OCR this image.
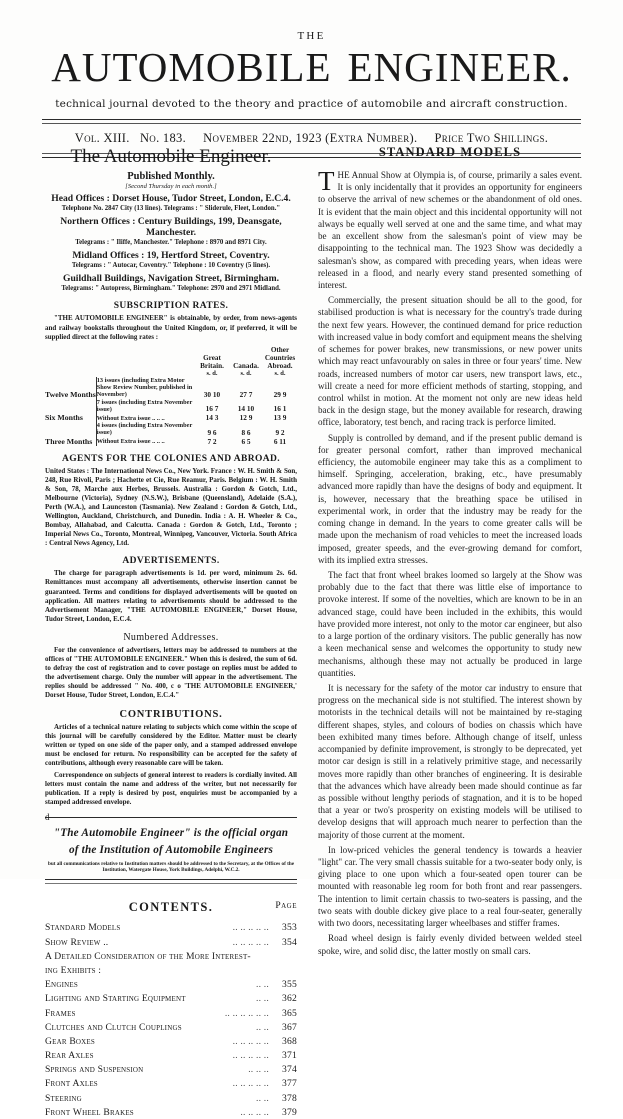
THE
AUTOMOBILE ENGINEER.
technical journal devoted to the theory and practice of automobile and aircraft construction.
Vol. XIII. No. 183. November 22nd, 1923 (Extra Number). Price Two Shillings.
The Automobile Engineer.
Published Monthly.
[Second Thursday in each month.]
Head Offices : Dorset House, Tudor Street, London, E.C.4.
Telephone No. 2847 City (13 lines). Telegrams : " Sliderule, Fleet, London."
Northern Offices : Century Buildings, 199, Deansgate, Manchester.
Telegrams : " Iliffe, Manchester." Telephone : 8970 and 8971 City.
Midland Offices : 19, Hertford Street, Coventry.
Telegrams : " Autocar, Coventry." Telephone : 10 Coventry (5 lines).
Guildhall Buildings, Navigation Street, Birmingham.
Telegrams: " Autopress, Birmingham." Telephone: 2970 and 2971 Midland.
SUBSCRIPTION RATES.
"THE AUTOMOBILE ENGINEER" is obtainable, by order, from news-agents and railway bookstalls throughout the United Kingdom, or, if preferred, it will be supplied direct at the following rates :
		Great Britain.	Canada.	Other Countries Abroad.
		s. d.	s. d.	s. d.
Twelve Months	13 issues (including Extra Motor Show Review Number, published in November)	30 10	27 7	29 9
Six Months	7 issues (including Extra November issue)	16 7	14 10	16 1
	Without Extra issue .. .. ..	14 3	12 9	13 9
Three Months	4 issues (including Extra November issue)	9 6	8 6	9 2
	Without Extra issue .. .. ..	7 2	6 5	6 11
AGENTS FOR THE COLONIES AND ABROAD.
United States : The International News Co., New York. France : W. H. Smith & Son, 248, Rue Rivoli, Paris ; Hachette et Cie, Rue Reamur, Paris. Belgium : W. H. Smith & Son, 78, Marche aux Herbes, Brussels. Australia : Gordon & Gotch, Ltd., Melbourne (Victoria), Sydney (N.S.W.), Brisbane (Queensland), Adelaide (S.A.), Perth (W.A.), and Launceston (Tasmania). New Zealand : Gordon & Gotch, Ltd., Wellington, Auckland, Christchurch, and Dunedin. India : A. H. Wheeler & Co., Bombay, Allahabad, and Calcutta. Canada : Gordon & Gotch, Ltd., Toronto ; Imperial News Co., Toronto, Montreal, Winnipeg, Vancouver, Victoria. South Africa : Central News Agency, Ltd.
ADVERTISEMENTS.
The charge for paragraph advertisements is 1d. per word, minimum 2s. 6d. Remittances must accompany all advertisements, otherwise insertion cannot be guaranteed. Terms and conditions for displayed advertisements will be quoted on application. All matters relating to advertisements should be addressed to the Advertisement Manager, "THE AUTOMOBILE ENGINEER," Dorset House, Tudor Street, London, E.C.4.
Numbered Addresses.
For the convenience of advertisers, letters may be addressed to numbers at the offices of "THE AUTOMOBILE ENGINEER." When this is desired, the sum of 6d. to defray the cost of registration and to cover postage on replies must be added to the advertisement charge. Only the number will appear in the advertisement. The replies should be addressed " No. 400, c o 'THE AUTOMOBILE ENGINEER,' Dorset House, Tudor Street, London, E.C.4."
CONTRIBUTIONS.
Articles of a technical nature relating to subjects which come within the scope of this journal will be carefully considered by the Editor. Matter must be clearly written or typed on one side of the paper only, and a stamped addressed envelope must be enclosed for return. No responsibility can be accepted for the safety of contributions, although every reasonable care will be taken.
Correspondence on subjects of general interest to readers is cordially invited. All letters must contain the name and address of the writer, but not necessarily for publication. If a reply is desired by post, enquiries must be accompanied by a stamped addressed envelope.
"The Automobile Engineer" is the official organ
of the Institution of Automobile Engineers
but all communications relative to Institution matters should be addressed to the Secretary, at the Offices of the Institution, Watergate House, York Buildings, Adelphi, W.C.2.
CONTENTS.	Page
Standard Models	.. .. .. .. ..	353
Show Review ..	.. .. .. .. ..	354
A Detailed Consideration of the More Interest-		
ing Exhibits :		
Engines	.. ..	355
Lighting and Starting Equipment	.. ..	362
Frames	.. .. .. .. .. ..	365
Clutches and Clutch Couplings	.. ..	367
Gear Boxes	.. .. .. .. ..	368
Rear Axles	.. .. .. .. ..	371
Springs and Suspension	.. .. ..	374
Front Axles	.. .. .. .. ..	377
Steering	.. ..	378
Front Wheel Brakes	.. .. .. ..	379
STANDARD MODELS
THE Annual Show at Olympia is, of course, primarily a sales event. It is only incidentally that it provides an opportunity for engineers to observe the arrival of new schemes or the abandonment of old ones. It is evident that the main object and this incidental opportunity will not always be equally well served at one and the same time, and what may be an excellent show from the salesman's point of view may be disappointing to the technical man. The 1923 Show was decidedly a salesman's show, as compared with preceding years, when ideas were released in a flood, and nearly every stand presented something of interest.
Commercially, the present situation should be all to the good, for stabilised production is what is necessary for the country's trade during the next few years. However, the continued demand for price reduction with increased value in body comfort and equipment means the shelving of schemes for power brakes, new transmissions, or new power units which may react unfavourably on sales in three or four years' time. New roads, increased numbers of motor car users, new transport laws, etc., will create a need for more efficient methods of starting, stopping, and control whilst in motion. At the moment not only are new ideas held back in the design stage, but the money available for research, drawing office, laboratory, test bench, and racing track is perforce limited.
Supply is controlled by demand, and if the present public demand is for greater personal comfort, rather than improved mechanical efficiency, the automobile engineer may take this as a compliment to himself. Springing, acceleration, braking, etc., have presumably advanced more rapidly than have the designs of body and equipment. It is, however, necessary that the breathing space be utilised in experimental work, in order that the industry may be ready for the coming change in demand. In the years to come greater calls will be made upon the mechanism of road vehicles to meet the increased loads imposed, greater speeds, and the ever-growing demand for comfort, with its implied extra stresses.
The fact that front wheel brakes loomed so largely at the Show was probably due to the fact that there was little else of importance to provoke interest. If some of the novelties, which are known to be in an advanced stage, could have been included in the exhibits, this would have provided more interest, not only to the motor car engineer, but also to a large portion of the ordinary visitors. The public generally has now a keen mechanical sense and welcomes the opportunity to study new mechanisms, although these may not actually be produced in large quantities.
It is necessary for the safety of the motor car industry to ensure that progress on the mechanical side is not stultified. The interest shown by motorists in the technical details will not be maintained by re-staging different shapes, styles, and colours of bodies on chassis which have been exhibited many times before. Although change of itself, unless accompanied by definite improvement, is strongly to be deprecated, yet motor car design is still in a relatively primitive stage, and necessarily moves more rapidly than other branches of engineering. It is desirable that the advances which have already been made should continue as far as possible without lengthy periods of stagnation, and it is to be hoped that a year or two's prosperity on existing models will be utilised to develop designs that will approach much nearer to perfection than the majority of those current at the moment.
In low-priced vehicles the general tendency is towards a heavier "light" car. The very small chassis suitable for a two-seater body only, is giving place to one upon which a four-seated open tourer can be mounted with reasonable leg room for both front and rear passengers. The intention to limit certain chassis to two-seaters is passing, and the two seats with double dickey give place to a real four-seater, generally with two doors, necessitating larger wheelbases and stiffer frames.
Road wheel design is fairly evenly divided between welded steel spoke, wire, and solid disc, the latter mostly on small cars.
d
